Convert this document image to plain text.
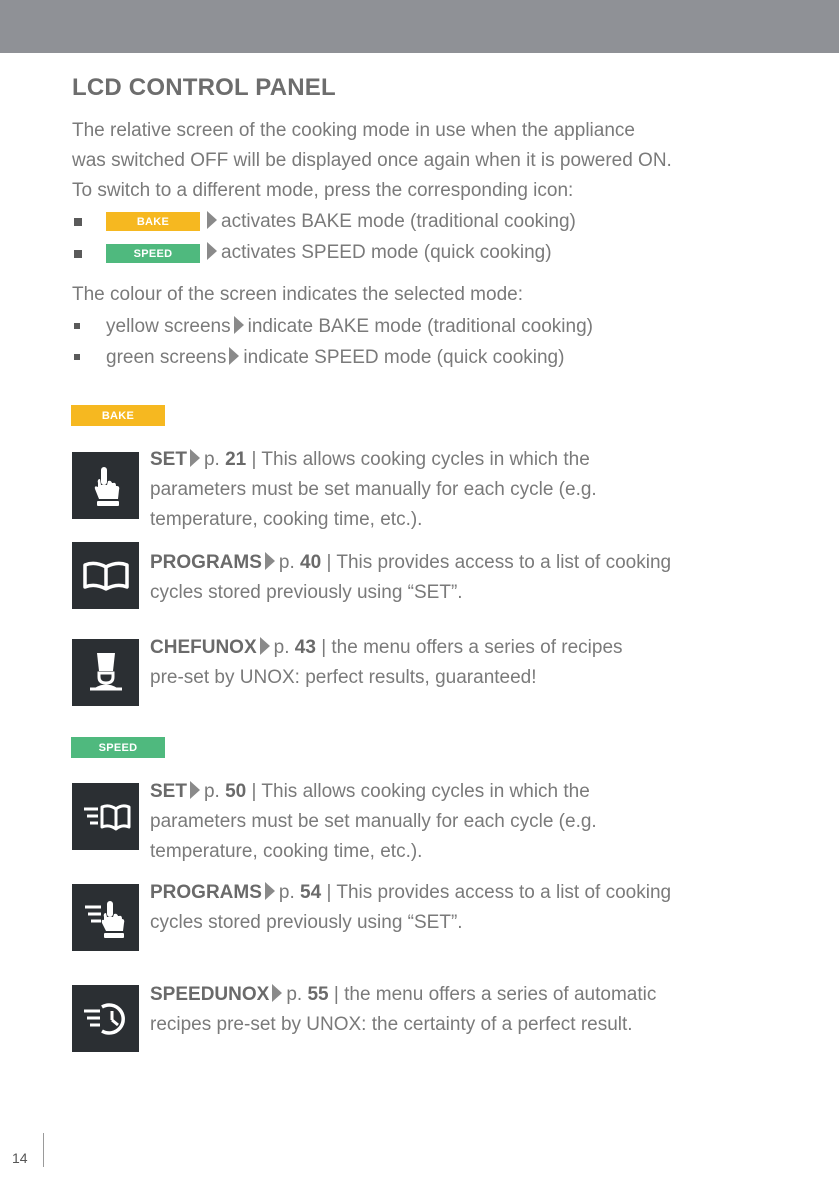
LCD CONTROL PANEL
The relative screen of the cooking mode in use when the appliance
was switched OFF will be displayed once again when it is powered ON.
To switch to a different mode, press the corresponding icon:
BAKE	activates BAKE mode (traditional cooking)
SPEED	activates SPEED mode (quick cooking)
The colour of the screen indicates the selected mode:
yellow screens indicate BAKE mode (traditional cooking)
green screens indicate SPEED mode (quick cooking)
BAKE
SET p. 21 | This allows cooking cycles in which the
parameters must be set manually for each cycle (e.g.
temperature, cooking time, etc.).
PROGRAMS p. 40 | This provides access to a list of cooking
cycles stored previously using “SET”.
CHEFUNOX p. 43 | the menu offers a series of recipes
pre-set by UNOX: perfect results, guaranteed!
SPEED
SET p. 50 | This allows cooking cycles in which the
parameters must be set manually for each cycle (e.g.
temperature, cooking time, etc.).
PROGRAMS p. 54 | This provides access to a list of cooking
cycles stored previously using “SET”.
SPEEDUNOX p. 55 | the menu offers a series of automatic
recipes pre-set by UNOX: the certainty of a perfect result.
14
